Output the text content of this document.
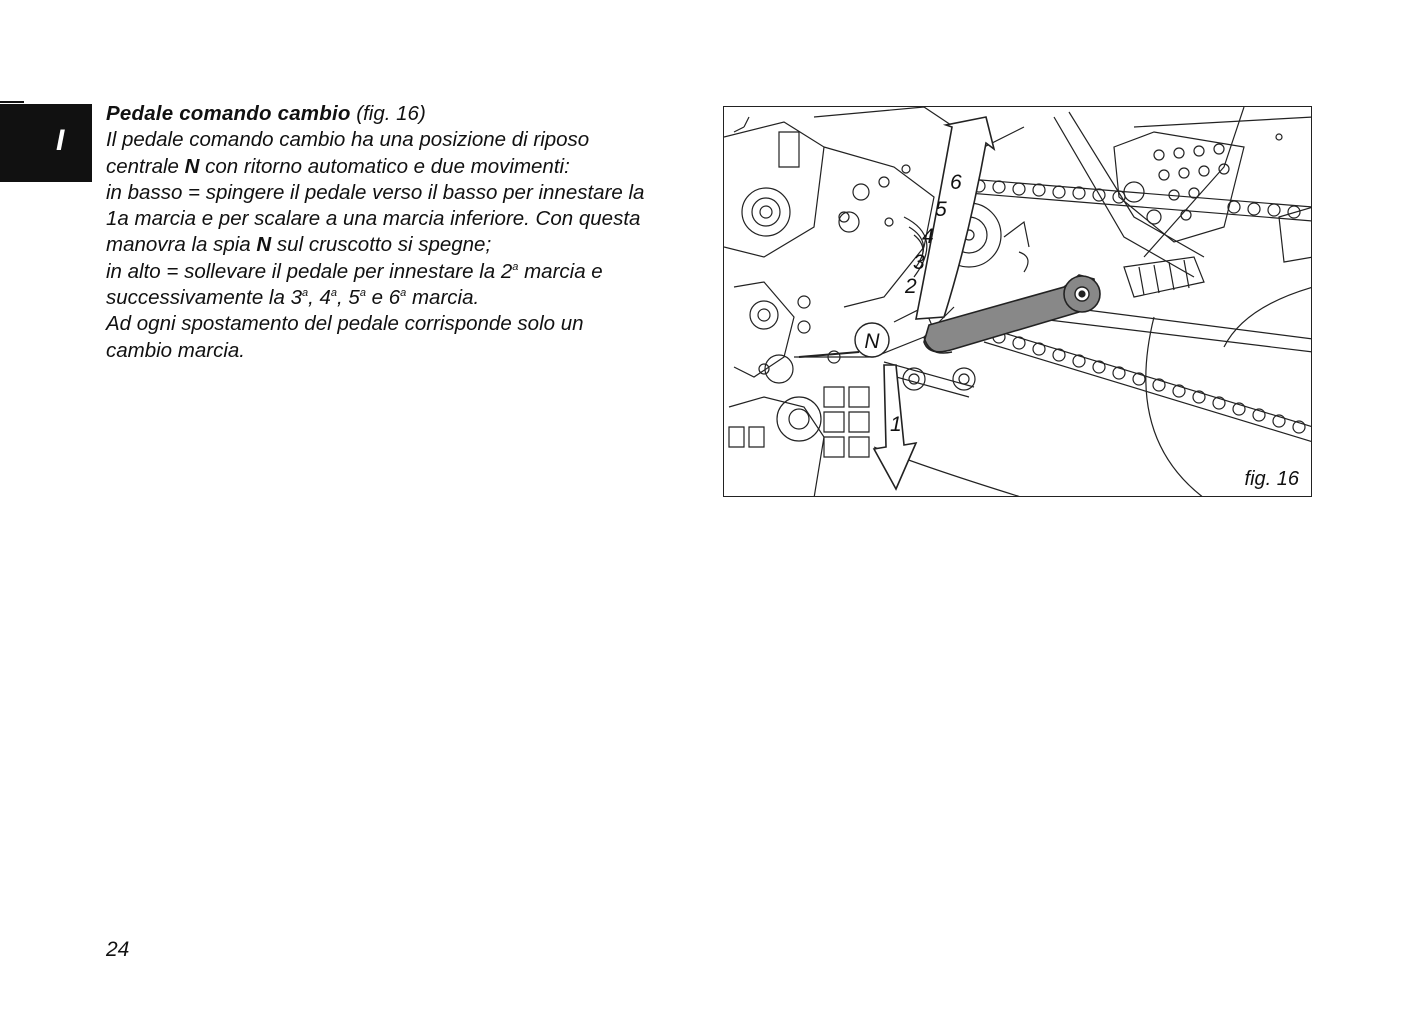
I

Pedale comando cambio (fig. 16)

Il pedale comando cambio ha una posizione di riposo

centrale N con ritorno automatico e due movimenti:

in basso = spingere il pedale verso il basso per innestare la

1a marcia e per scalare a una marcia inferiore. Con questa

manovra la spia N sul cruscotto si spegne;

in alto = sollevare il pedale per innestare la 2$^a$ marcia e

successivamente la 3$^a$, 4$^a$, 5$^a$ e 6$^a$ marcia.

Ad ogni spostamento del pedale corrisponde solo un

cambio marcia.	N
6
5
4
3
2
1
fig. 16
24
